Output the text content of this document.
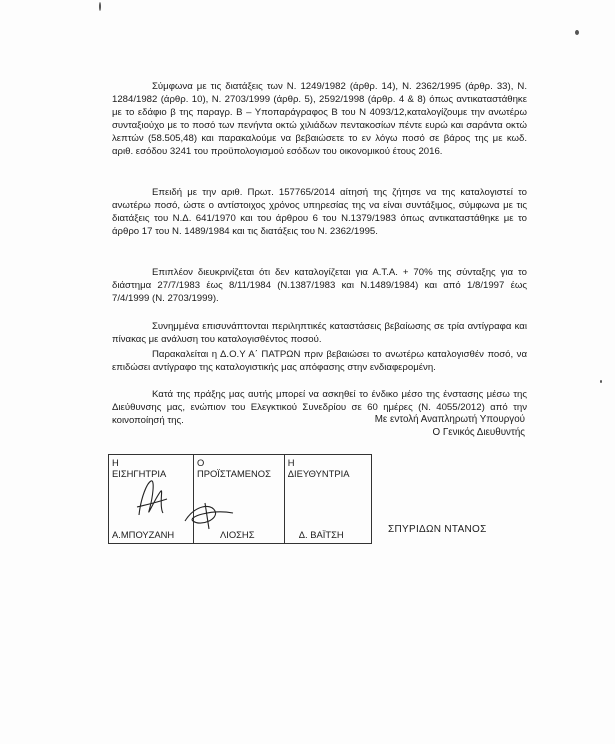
Σύμφωνα με τις διατάξεις των Ν. 1249/1982 (άρθρ. 14), Ν. 2362/1995 (άρθρ. 33), Ν. 1284/1982 (άρθρ. 10), Ν. 2703/1999 (άρθρ. 5), 2592/1998 (άρθρ. 4 & 8) όπως αντικαταστάθηκε με το εδάφιο β της παραγρ. Β – Υποπαράγραφος Β του Ν 4093/12,καταλογίζουμε την ανωτέρω συνταξιούχο με το ποσό των πενήντα οκτώ χιλιάδων πεντακοσίων πέντε ευρώ και σαράντα οκτώ λεπτών (58.505,48) και παρακαλούμε να βεβαιώσετε το εν λόγω ποσό σε βάρος της με κωδ. αριθ. εσόδου 3241 του προϋπολογισμού εσόδων του οικονομικού έτους 2016.

Επειδή με την αριθ. Πρωτ. 157765/2014 αίτησή της ζήτησε να της καταλογιστεί το ανωτέρω ποσό, ώστε ο αντίστοιχος χρόνος υπηρεσίας της να είναι συντάξιμος, σύμφωνα με τις διατάξεις του Ν.Δ. 641/1970 και του άρθρου 6 του Ν.1379/1983 όπως αντικαταστάθηκε με το άρθρο 17 του Ν. 1489/1984 και τις διατάξεις του Ν. 2362/1995.

Επιπλέον διευκρινίζεται ότι δεν καταλογίζεται για Α.Τ.Α. + 70% της σύνταξης για το διάστημα 27/7/1983 έως 8/11/1984 (Ν.1387/1983 και Ν.1489/1984) και από 1/8/1997 έως 7/4/1999 (Ν. 2703/1999).

Συνημμένα επισυνάπτονται περιληπτικές καταστάσεις βεβαίωσης σε τρία αντίγραφα και πίνακας με ανάλυση του καταλογισθέντος ποσού.

Παρακαλείται η Δ.Ο.Υ Α΄ ΠΑΤΡΩΝ πριν βεβαιώσει το ανωτέρω καταλογισθέν ποσό, να επιδώσει αντίγραφο της καταλογιστικής μας απόφασης στην ενδιαφερομένη.

Κατά της πράξης μας αυτής μπορεί να ασκηθεί το ένδικο μέσο της ένστασης μέσω της Διεύθυνσης μας, ενώπιον του Ελεγκτικού Συνεδρίου σε 60 ημέρες (Ν. 4055/2012) από την κοινοποίησή της.	Με εντολή Αναπληρωτή Υπουργού
Ο Γενικός Διευθυντής
Η
ΕΙΣΗΓΗΤΡΙΑ
Α.ΜΠΟΥΖΑΝΗ

Ο
ΠΡΟΪΣΤΑΜΕΝΟΣ
ΛΙΟΣΗΣ

Η
ΔΙΕΥΘΥΝΤΡΙΑ
Δ. ΒΑΪΤΣΗ	ΣΠΥΡΙΔΩΝ ΝΤΑΝΟΣ
